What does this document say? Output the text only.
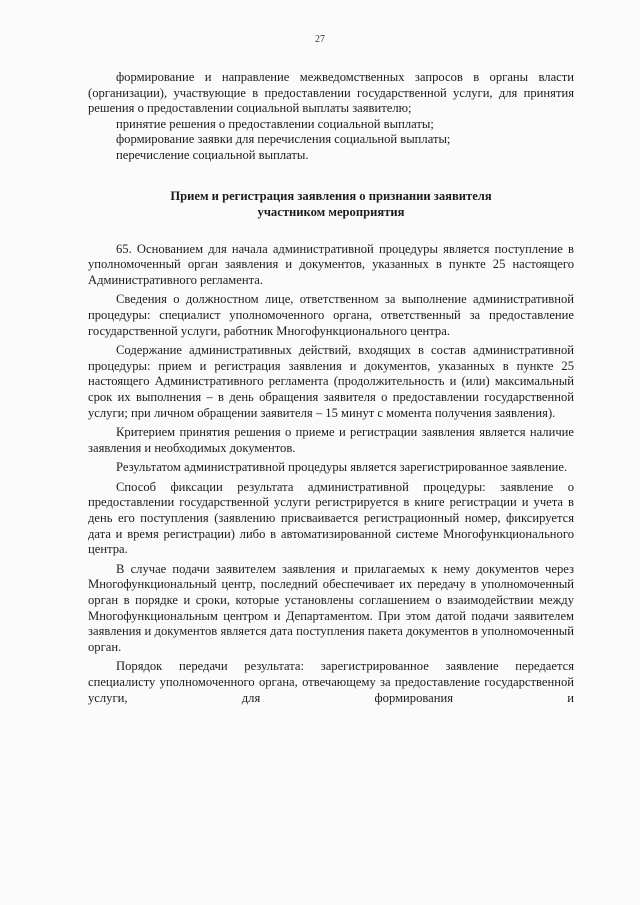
27

формирование и направление межведомственных запросов в органы власти (организации), участвующие в предоставлении государственной услуги, для принятия решения о предоставлении социальной выплаты заявителю;

принятие решения о предоставлении социальной выплаты;

формирование заявки для перечисления социальной выплаты;

перечисление социальной выплаты.

Прием и регистрация заявления о признании заявителя
участником мероприятия

65. Основанием для начала административной процедуры является поступление в уполномоченный орган заявления и документов, указанных в пункте 25 настоящего Административного регламента.

Сведения о должностном лице, ответственном за выполнение административной процедуры: специалист уполномоченного органа, ответственный за предоставление государственной услуги, работник Многофункционального центра.

Содержание административных действий, входящих в состав административной процедуры: прием и регистрация заявления и документов, указанных в пункте 25 настоящего Административного регламента (продолжительность и (или) максимальный срок их выполнения – в день обращения заявителя о предоставлении государственной услуги; при личном обращении заявителя – 15 минут с момента получения заявления).

Критерием принятия решения о приеме и регистрации заявления является наличие заявления и необходимых документов.

Результатом административной процедуры является зарегистрированное заявление.

Способ фиксации результата административной процедуры: заявление о предоставлении государственной услуги регистрируется в книге регистрации и учета в день его поступления (заявлению присваивается регистрационный номер, фиксируется дата и время регистрации) либо в автоматизированной системе Многофункционального центра.

В случае подачи заявителем заявления и прилагаемых к нему документов через Многофункциональный центр, последний обеспечивает их передачу в уполномоченный орган в порядке и сроки, которые установлены соглашением о взаимодействии между Многофункциональным центром и Департаментом. При этом датой подачи заявителем заявления и документов является дата поступления пакета документов в уполномоченный орган.

Порядок передачи результата: зарегистрированное заявление передается специалисту уполномоченного органа, отвечающему за предоставление государственной услуги, для формирования и
